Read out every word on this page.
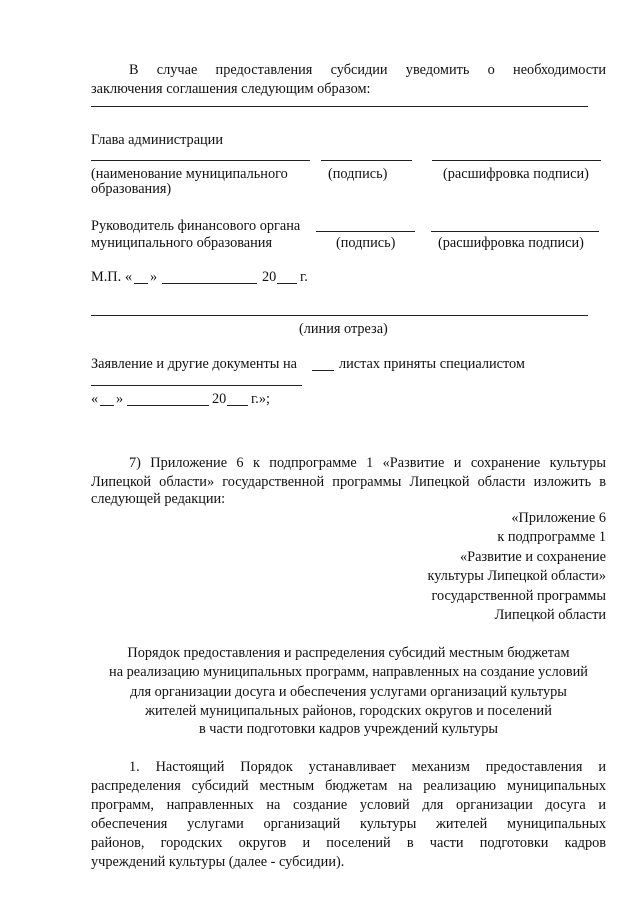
В случае предоставления субсидии уведомить о необходимости
заключения соглашения следующим образом:
Глава администрации
(наименование муниципального	(подпись)	(расшифровка подписи)
образования)
Руководитель финансового органа
муниципального образования	(подпись)	(расшифровка подписи)
М.П. « »	20 г.
(линия отреза)
Заявление и другие документы на	листах приняты специалистом
« »	20 г.»;
7) Приложение 6 к подпрограмме 1 «Развитие и сохранение культуры
Липецкой области» государственной программы Липецкой области изложить в
следующей редакции:
«Приложение 6
к подпрограмме 1
«Развитие и сохранение
культуры Липецкой области»
государственной программы
Липецкой области
Порядок предоставления и распределения субсидий местным бюджетам
на реализацию муниципальных программ, направленных на создание условий
для организации досуга и обеспечения услугами организаций культуры
жителей муниципальных районов, городских округов и поселений
в части подготовки кадров учреждений культуры
1. Настоящий Порядок устанавливает механизм предоставления и
распределения субсидий местным бюджетам на реализацию муниципальных
программ, направленных на создание условий для организации досуга и
обеспечения услугами организаций культуры жителей муниципальных
районов, городских округов и поселений в части подготовки кадров
учреждений культуры (далее - субсидии).
